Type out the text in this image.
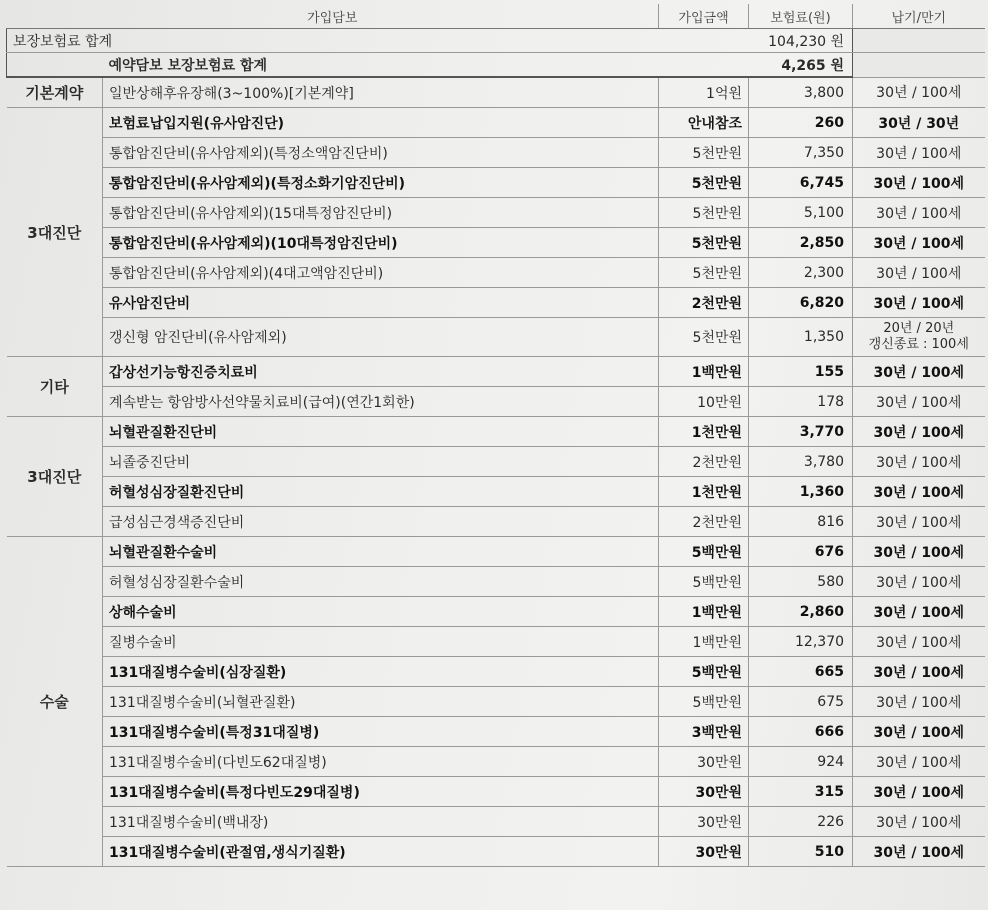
가입담보		가입금액	보험료(원)	납기/만기
보장보험료 합계		104,230 원		
	예약담보 보장보험료 합계	4,265 원		
기본계약	일반상해후유장해(3~100%)[기본계약]	1억원	3,800	30년 / 100세
3대진단	보험료납입지원(유사암진단)	안내참조	260	30년 / 30년
	통합암진단비(유사암제외)(특정소액암진단비)	5천만원	7,350	30년 / 100세
	통합암진단비(유사암제외)(특정소화기암진단비)	5천만원	6,745	30년 / 100세
	통합암진단비(유사암제외)(15대특정암진단비)	5천만원	5,100	30년 / 100세
	통합암진단비(유사암제외)(10대특정암진단비)	5천만원	2,850	30년 / 100세
	통합암진단비(유사암제외)(4대고액암진단비)	5천만원	2,300	30년 / 100세
	유사암진단비	2천만원	6,820	30년 / 100세
	갱신형 암진단비(유사암제외)	5천만원	1,350	20년 / 20년
갱신종료 : 100세

기타	갑상선기능항진증치료비	1백만원	155	30년 / 100세
	계속받는 항암방사선약물치료비(급여)(연간1회한)	10만원	178	30년 / 100세
3대진단	뇌혈관질환진단비	1천만원	3,770	30년 / 100세
	뇌졸중진단비	2천만원	3,780	30년 / 100세
	허혈성심장질환진단비	1천만원	1,360	30년 / 100세
	급성심근경색증진단비	2천만원	816	30년 / 100세
수술	뇌혈관질환수술비	5백만원	676	30년 / 100세
	허혈성심장질환수술비	5백만원	580	30년 / 100세
	상해수술비	1백만원	2,860	30년 / 100세
	질병수술비	1백만원	12,370	30년 / 100세
	131대질병수술비(심장질환)	5백만원	665	30년 / 100세
	131대질병수술비(뇌혈관질환)	5백만원	675	30년 / 100세
	131대질병수술비(특정31대질병)	3백만원	666	30년 / 100세
	131대질병수술비(다빈도62대질병)	30만원	924	30년 / 100세
	131대질병수술비(특정다빈도29대질병)	30만원	315	30년 / 100세
	131대질병수술비(백내장)	30만원	226	30년 / 100세
	131대질병수술비(관절염,생식기질환)	30만원	510	30년 / 100세
